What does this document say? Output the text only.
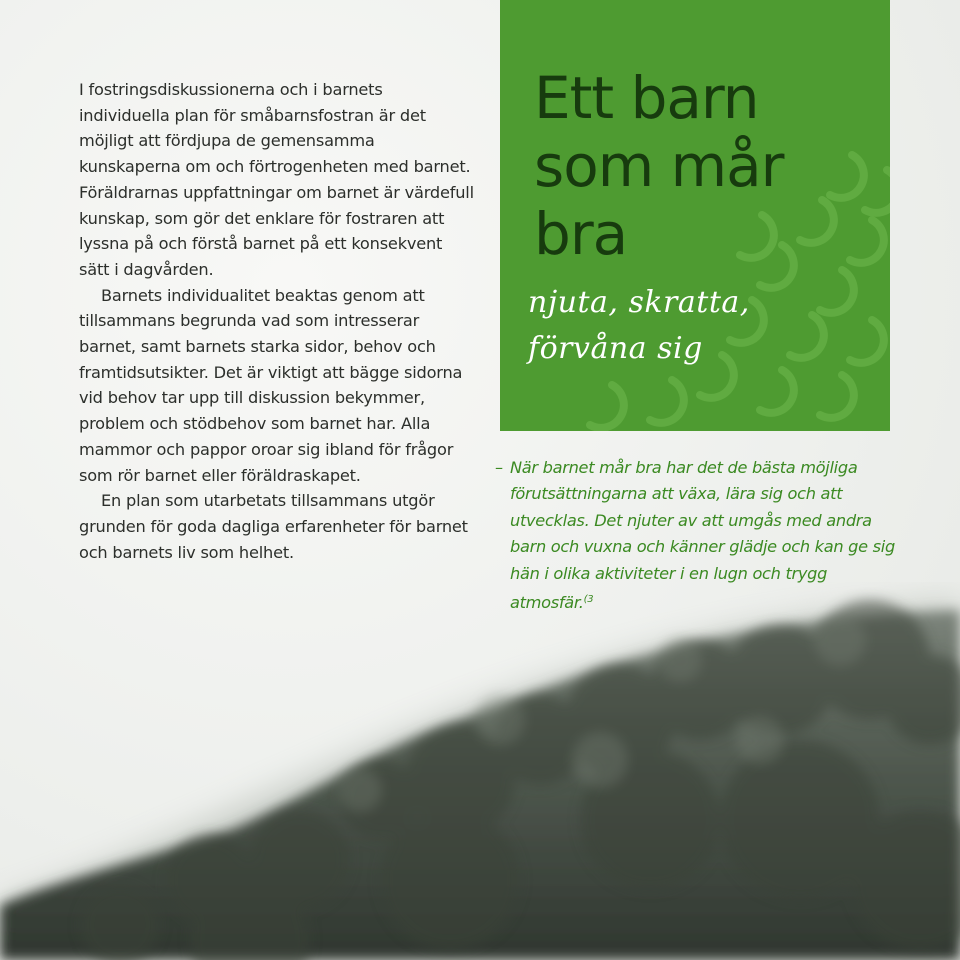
I fostringsdiskussionerna och i barnets individuella plan för småbarnsfostran är det möjligt att fördjupa de gemensamma kunskaperna om och förtrogenheten med barnet. Föräldrarnas uppfattningar om barnet är värdefull kunskap, som gör det enklare för fostraren att lyssna på och förstå barnet på ett konsekvent sätt i dagvården.

Barnets individualitet beaktas genom att tillsammans begrunda vad som intresserar barnet, samt barnets starka sidor, behov och framtidsutsikter. Det är viktigt att bägge sidorna vid behov tar upp till diskussion bekymmer, problem och stödbehov som barnet har. Alla mammor och pappor oroar sig ibland för frågor som rör barnet eller föräldraskapet.

En plan som utarbetats tillsammans utgör grunden för goda dagliga erfarenheter för barnet och barnets liv som helhet.

Ett barn
som mår
bra
njuta, skratta,
förvåna sig
– När barnet mår bra har det de bästa möjliga förutsättningarna att växa, lära sig och att utvecklas. Det njuter av att umgås med andra barn och vuxna och känner glädje och kan ge sig hän i olika aktiviteter i en lugn och trygg atmosfär.$^{(3}$
